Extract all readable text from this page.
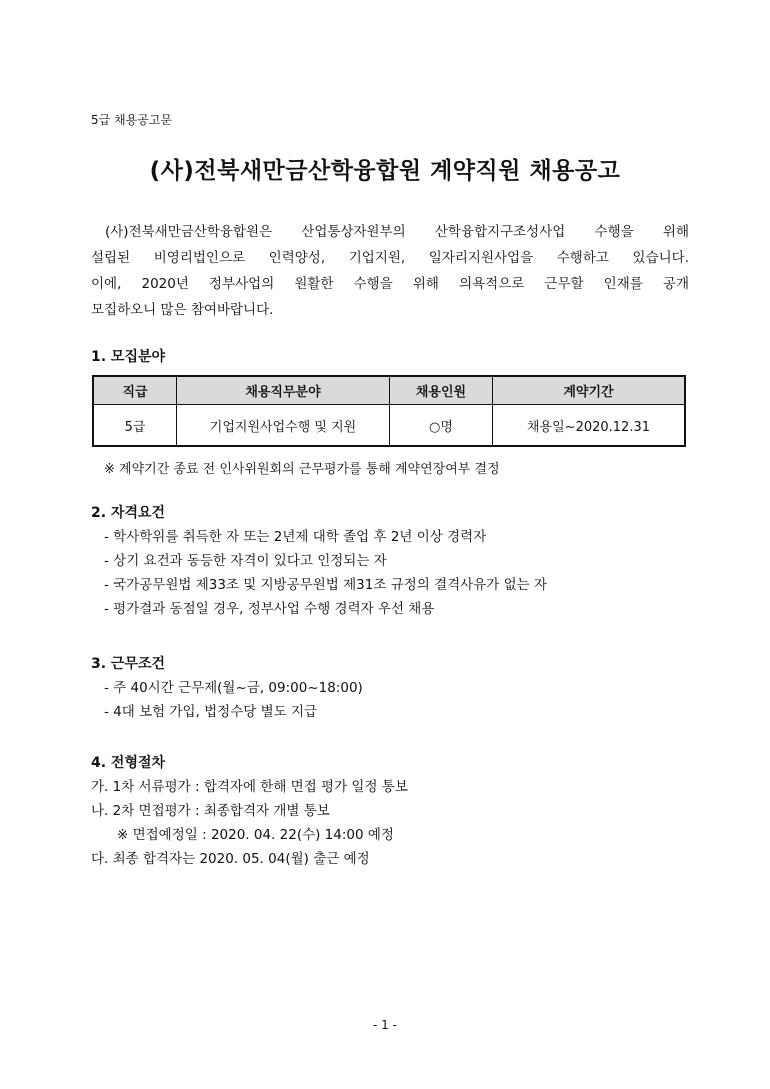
5급 채용공고문
(사)전북새만금산학융합원 계약직원 채용공고
(사)전북새만금산학융합원은 산업통상자원부의 산학융합지구조성사업 수행을 위해
설립된 비영리법인으로 인력양성, 기업지원, 일자리지원사업을 수행하고 있습니다.
이에, 2020년 정부사업의 원활한 수행을 위해 의욕적으로 근무할 인재를 공개
모집하오니 많은 참여바랍니다.
1. 모집분야
직급	채용직무분야	채용인원	계약기간
5급	기업지원사업수행 및 지원	○명	채용일~2020.12.31
※ 계약기간 종료 전 인사위원회의 근무평가를 통해 계약연장여부 결정
2. 자격요건
- 학사학위를 취득한 자 또는 2년제 대학 졸업 후 2년 이상 경력자
- 상기 요건과 동등한 자격이 있다고 인정되는 자
- 국가공무원법 제33조 및 지방공무원법 제31조 규정의 결격사유가 없는 자
- 평가결과 동점일 경우, 정부사업 수행 경력자 우선 채용
3. 근무조건
- 주 40시간 근무제(월~금, 09:00~18:00)
- 4대 보험 가입, 법정수당 별도 지급
4. 전형절차
가. 1차 서류평가 : 합격자에 한해 면접 평가 일정 통보
나. 2차 면접평가 : 최종합격자 개별 통보
※ 면접예정일 : 2020. 04. 22(수) 14:00 예정
다. 최종 합격자는 2020. 05. 04(월) 출근 예정
- 1 -
